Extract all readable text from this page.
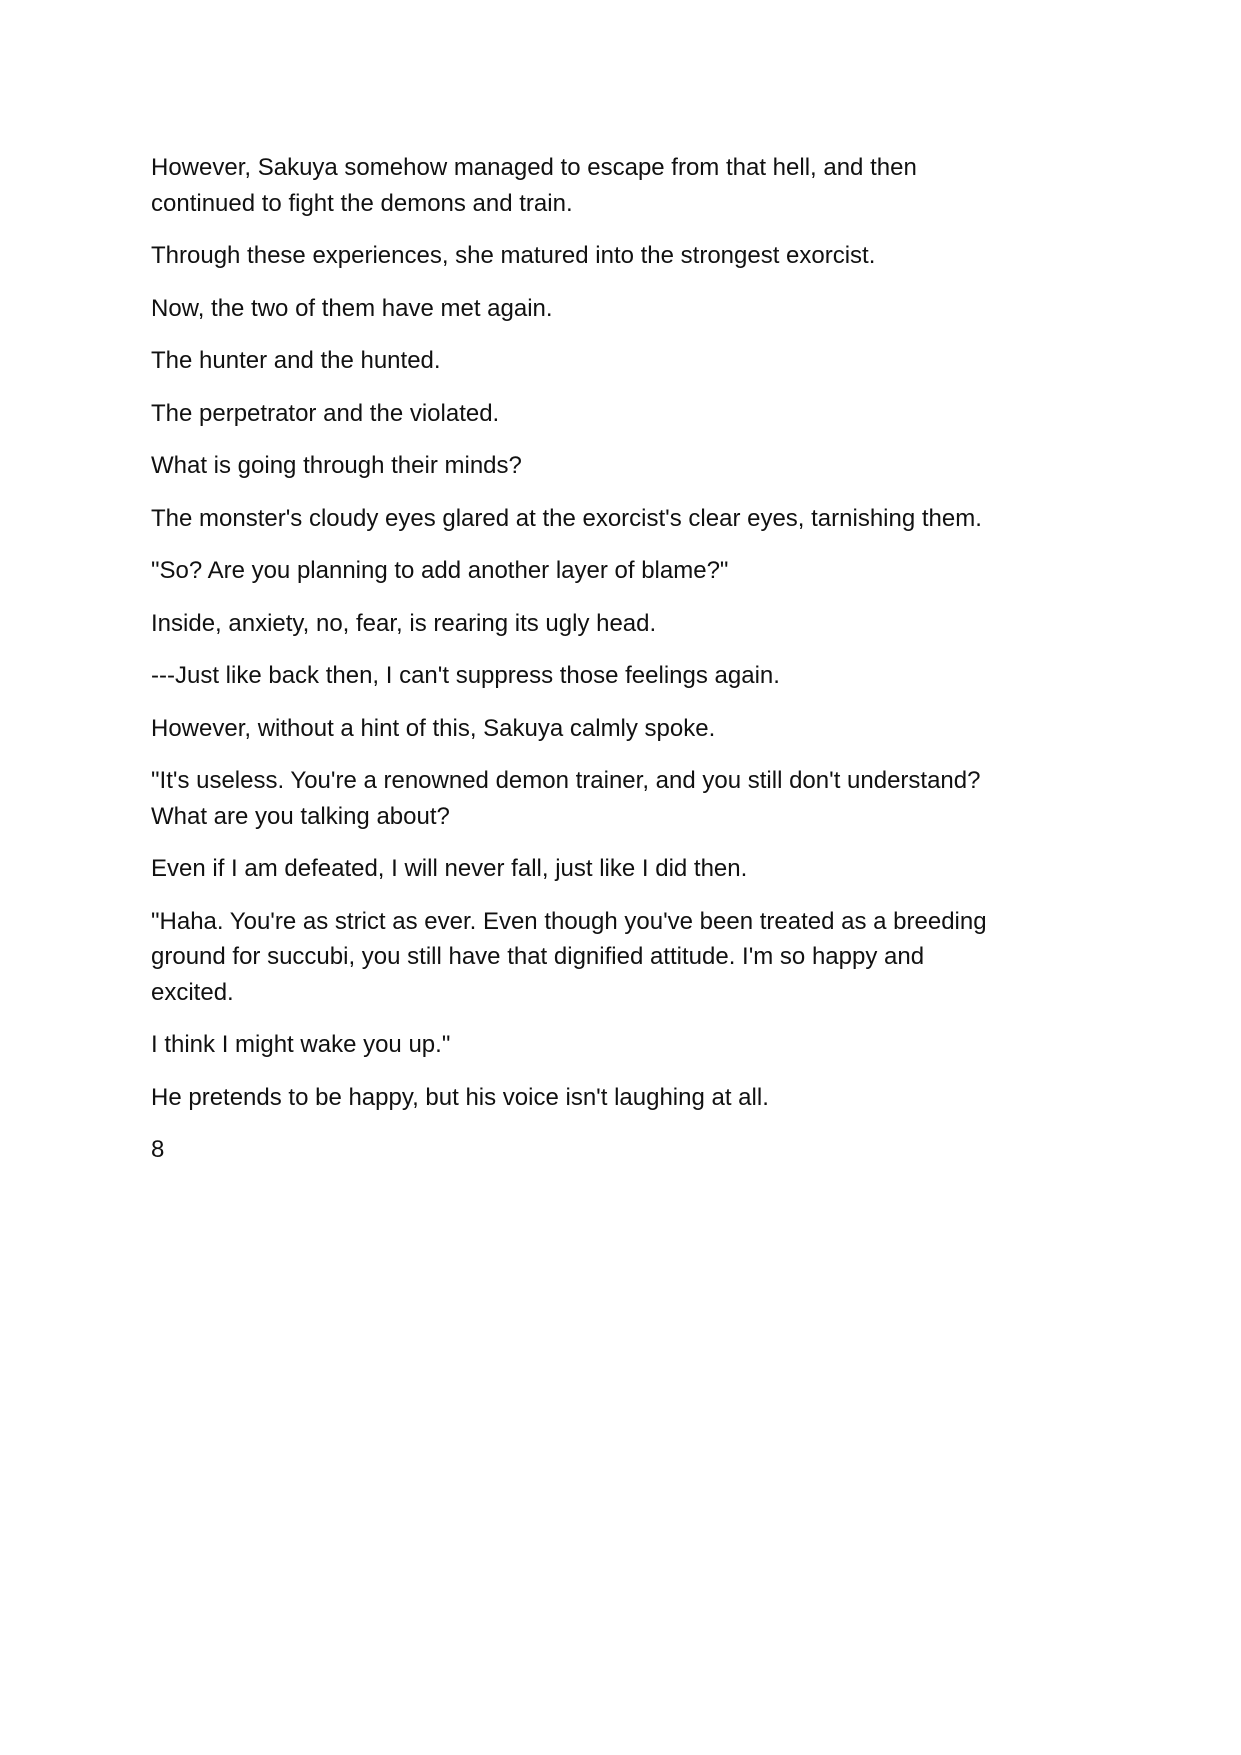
However, Sakuya somehow managed to escape from that hell, and then
continued to fight the demons and train.

Through these experiences, she matured into the strongest exorcist.

Now, the two of them have met again.

The hunter and the hunted.

The perpetrator and the violated.

What is going through their minds?

The monster's cloudy eyes glared at the exorcist's clear eyes, tarnishing them.

"So? Are you planning to add another layer of blame?"

Inside, anxiety, no, fear, is rearing its ugly head.

---Just like back then, I can't suppress those feelings again.

However, without a hint of this, Sakuya calmly spoke.

"It's useless. You're a renowned demon trainer, and you still don't understand?
What are you talking about?

Even if I am defeated, I will never fall, just like I did then.

"Haha. You're as strict as ever. Even though you've been treated as a breeding
ground for succubi, you still have that dignified attitude. I'm so happy and
excited.

I think I might wake you up."

He pretends to be happy, but his voice isn't laughing at all.

8
